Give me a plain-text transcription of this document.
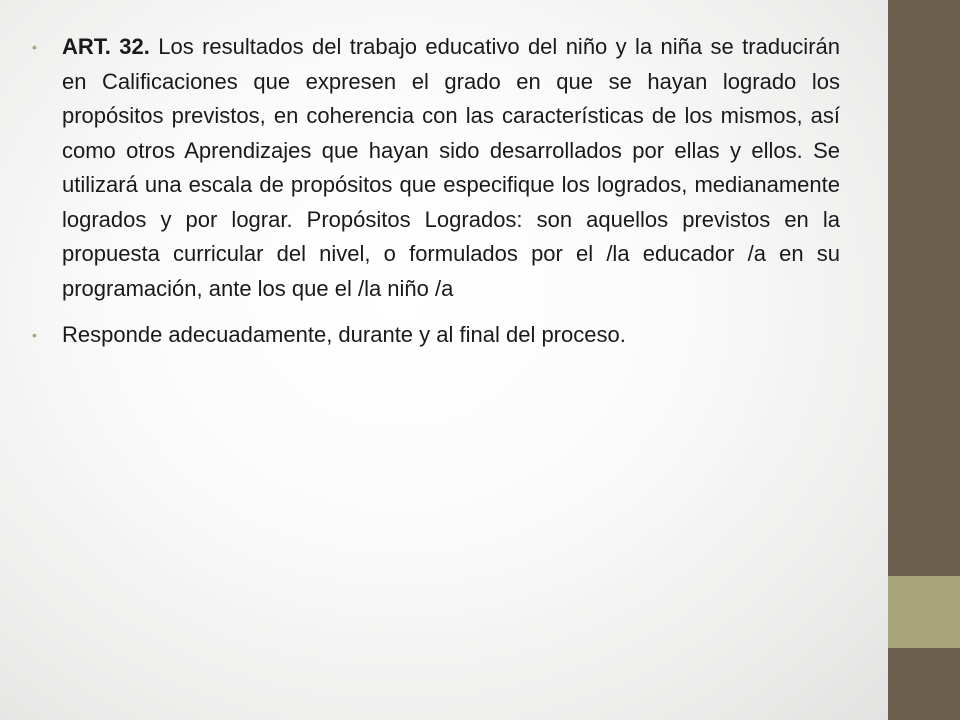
• ART. 32. Los resultados del trabajo educativo del niño y la niña se traducirán en Calificaciones que expresen el grado en que se hayan logrado los propósitos previstos, en coherencia con las características de los mismos, así como otros Aprendizajes que hayan sido desarrollados por ellas y ellos. Se utilizará una escala de propósitos que especifique los logrados, medianamente logrados y por lograr. Propósitos Logrados: son aquellos previstos en la propuesta curricular del nivel, o formulados por el /la educador /a en su programación, ante los que el /la niño /a
• Responde adecuadamente, durante y al final del proceso.
